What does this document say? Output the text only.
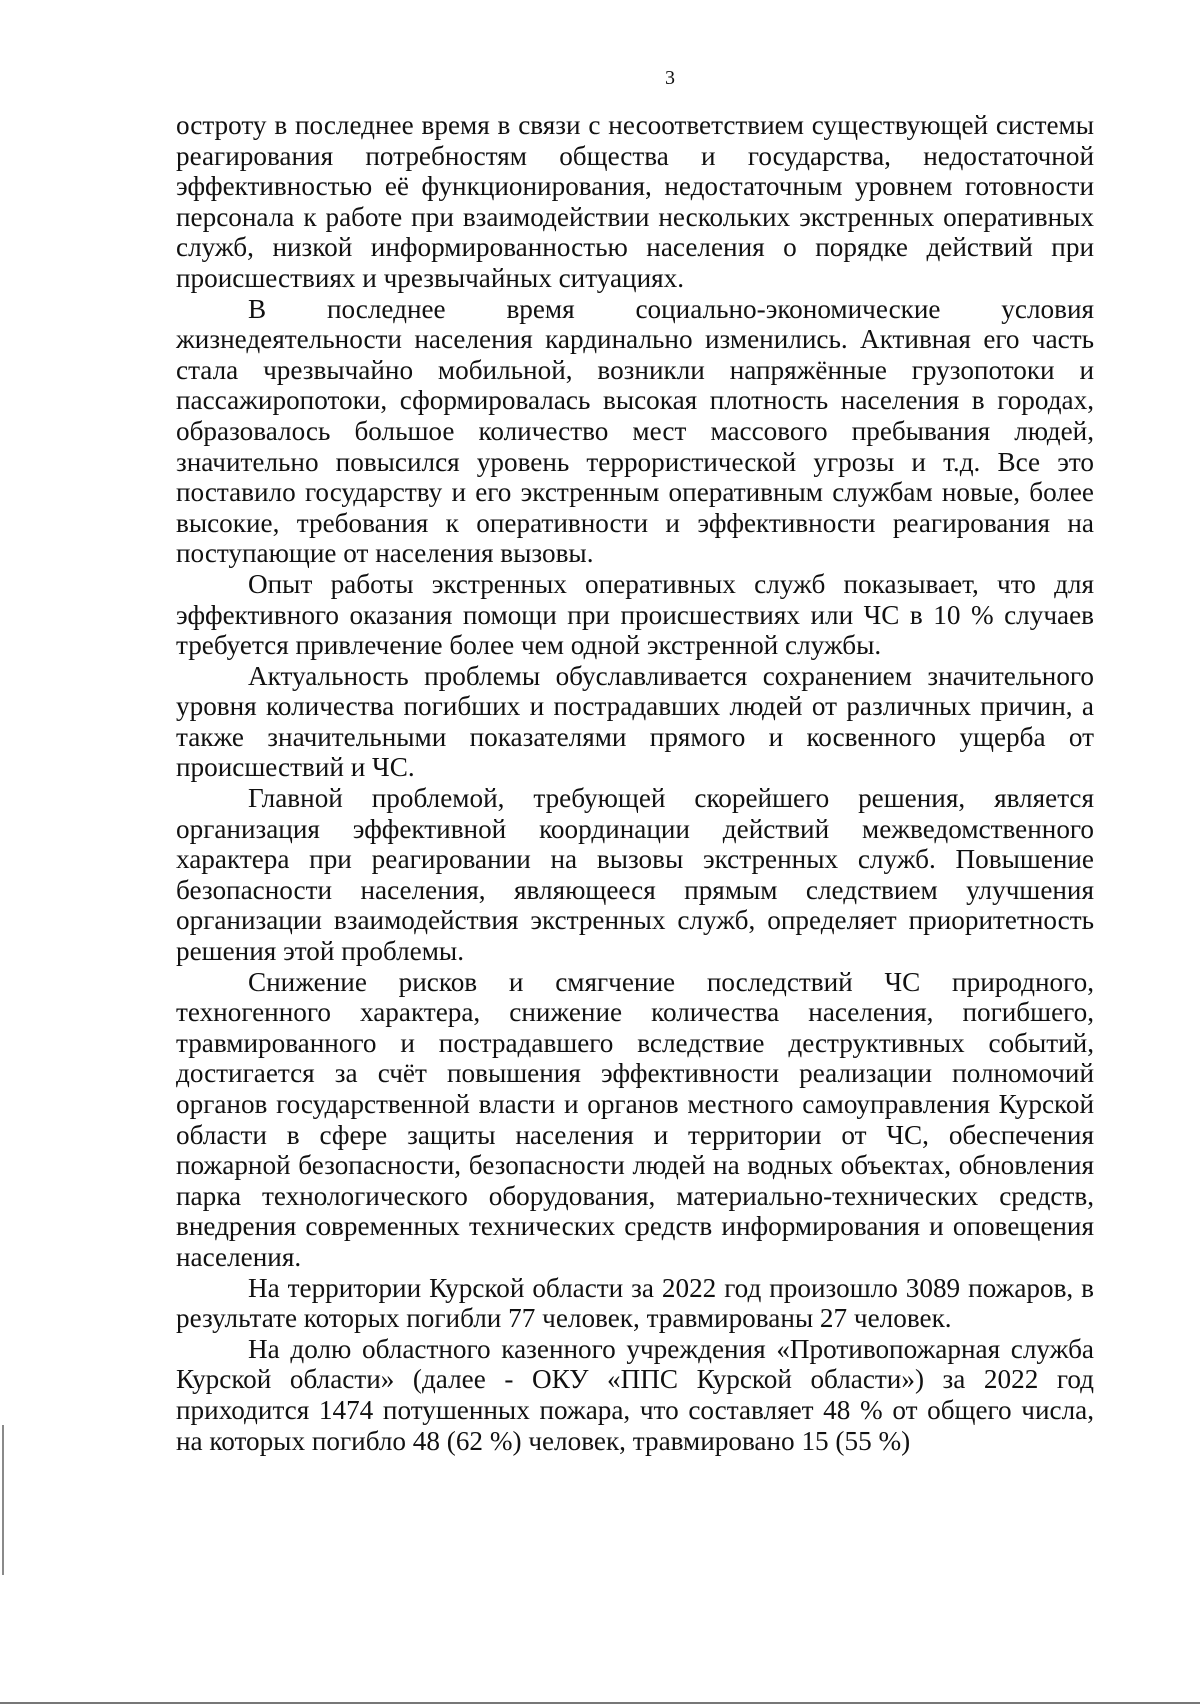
3

остроту в последнее время в связи с несоответствием существующей системы реагирования потребностям общества и государства, недостаточной эффективностью её функционирования, недостаточным уровнем готовности персонала к работе при взаимодействии нескольких экстренных оперативных служб, низкой информированностью населения о порядке действий при происшествиях и чрезвычайных ситуациях.

В последнее время социально-экономические условия жизнедеятельности населения кардинально изменились. Активная его часть стала чрезвычайно мобильной, возникли напряжённые грузопотоки и пассажиропотоки, сформировалась высокая плотность населения в городах, образовалось большое количество мест массового пребывания людей, значительно повысился уровень террористической угрозы и т.д. Все это поставило государству и его экстренным оперативным службам новые, более высокие, требования к оперативности и эффективности реагирования на поступающие от населения вызовы.

Опыт работы экстренных оперативных служб показывает, что для эффективного оказания помощи при происшествиях или ЧС в 10 % случаев требуется привлечение более чем одной экстренной службы.

Актуальность проблемы обуславливается сохранением значительного уровня количества погибших и пострадавших людей от различных причин, а также значительными показателями прямого и косвенного ущерба от происшествий и ЧС.

Главной проблемой, требующей скорейшего решения, является организация эффективной координации действий межведомственного характера при реагировании на вызовы экстренных служб. Повышение безопасности населения, являющееся прямым следствием улучшения организации взаимодействия экстренных служб, определяет приоритетность решения этой проблемы.

Снижение рисков и смягчение последствий ЧС природного, техногенного характера, снижение количества населения, погибшего, травмированного и пострадавшего вследствие деструктивных событий, достигается за счёт повышения эффективности реализации полномочий органов государственной власти и органов местного самоуправления Курской области в сфере защиты населения и территории от ЧС, обеспечения пожарной безопасности, безопасности людей на водных объектах, обновления парка технологического оборудования, материально-технических средств, внедрения современных технических средств информирования и оповещения населения.

На территории Курской области за 2022 год произошло 3089 пожаров, в результате которых погибли 77 человек, травмированы 27 человек.

На долю областного казенного учреждения «Противопожарная служба Курской области» (далее - ОКУ «ППС Курской области») за 2022 год приходится 1474 потушенных пожара, что составляет 48 % от общего числа, на которых погибло 48 (62 %) человек, травмировано 15 (55 %)
